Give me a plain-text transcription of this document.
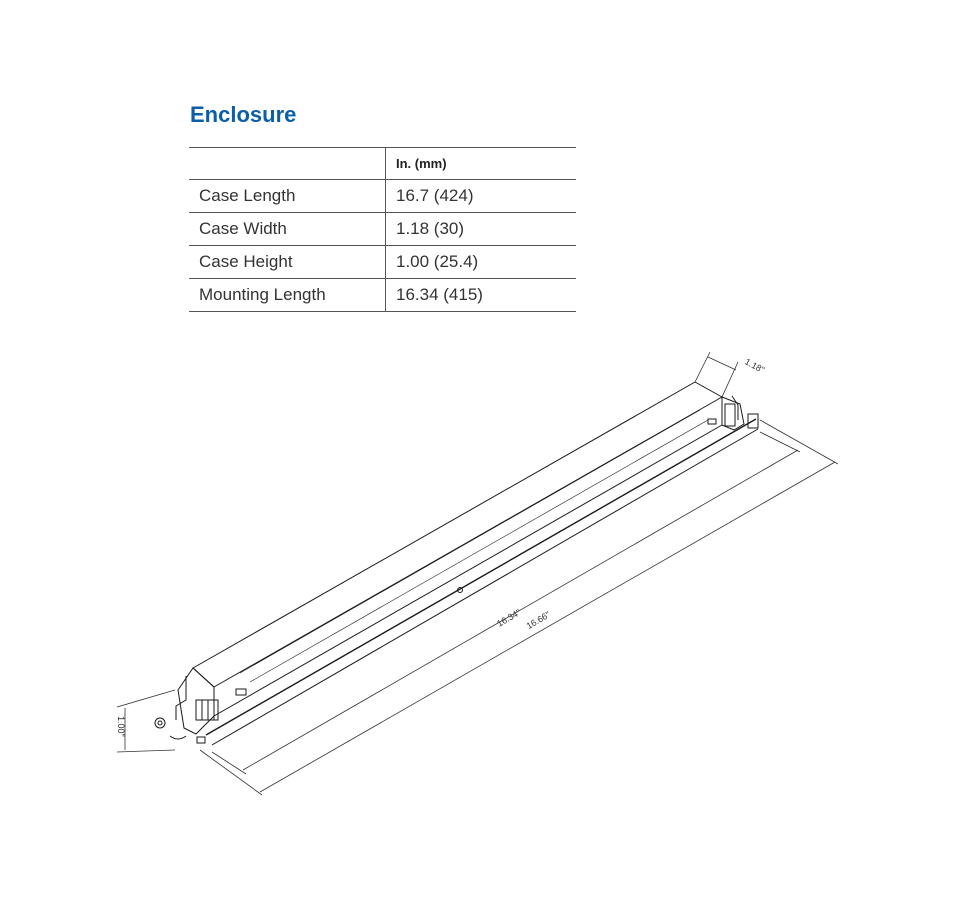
Enclosure
	In. (mm)
Case Length	16.7 (424)
Case Width	1.18 (30)
Case Height	1.00 (25.4)
Mounting Length	16.34 (415)
1.18"
1.00"
16.34" 16.66"
